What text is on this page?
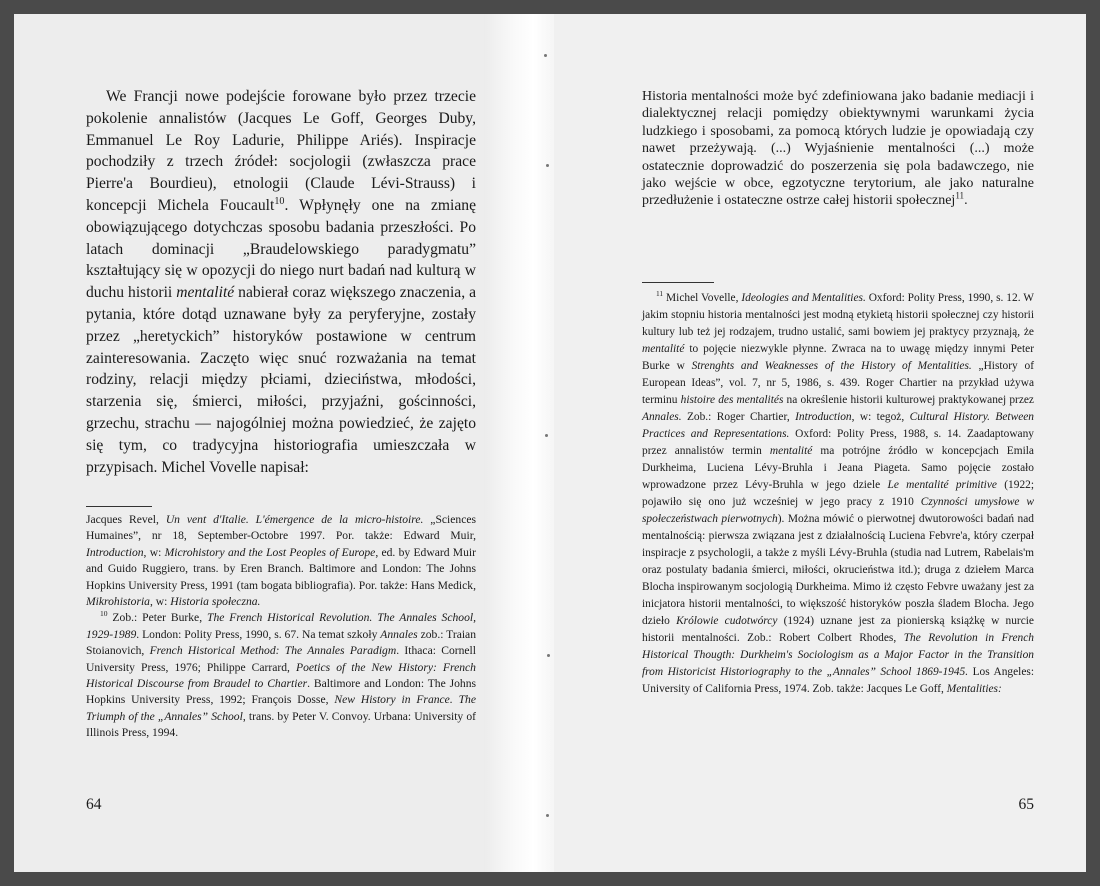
We Francji nowe podejście forowane było przez trzecie pokolenie annalistów (Jacques Le Goff, Georges Duby, Emmanuel Le Roy Ladurie, Philippe Ariés). Inspiracje pochodziły z trzech źródeł: socjologii (zwłaszcza prace Pierre'a Bourdieu), etnologii (Claude Lévi-Strauss) i koncepcji Michela Foucault$^{10}$. Wpłynęły one na zmianę obowiązującego dotychczas sposobu badania przeszłości. Po latach dominacji „Braudelowskiego paradygmatu” kształtujący się w opozycji do niego nurt badań nad kulturą w duchu historii mentalité nabierał coraz większego znaczenia, a pytania, które dotąd uznawane były za peryferyjne, zostały przez „heretyckich” historyków postawione w centrum zainteresowania. Zaczęto więc snuć rozważania na temat rodziny, relacji między płciami, dzieciństwa, młodości, starzenia się, śmierci, miłości, przyjaźni, gościnności, grzechu, strachu — najogólniej można powiedzieć, że zajęto się tym, co tradycyjna historiografia umieszczała w przypisach. Michel Vovelle napisał:

Jacques Revel, Un vent d'Italie. L'émergence de la micro-histoire. „Sciences Humaines”, nr 18, September-Octobre 1997. Por. także: Edward Muir, Introduction, w: Microhistory and the Lost Peoples of Europe, ed. by Edward Muir and Guido Ruggiero, trans. by Eren Branch. Baltimore and London: The Johns Hopkins University Press, 1991 (tam bogata bibliografia). Por. także: Hans Medick, Mikrohistoria, w: Historia społeczna.

$^{10}$ Zob.: Peter Burke, The French Historical Revolution. The Annales School, 1929-1989. London: Polity Press, 1990, s. 67. Na temat szkoły Annales zob.: Traian Stoianovich, French Historical Method: The Annales Paradigm. Ithaca: Cornell University Press, 1976; Philippe Carrard, Poetics of the New History: French Historical Discourse from Braudel to Chartier. Baltimore and London: The Johns Hopkins University Press, 1992; François Dosse, New History in France. The Triumph of the „Annales” School, trans. by Peter V. Convoy. Urbana: University of Illinois Press, 1994.

64

Historia mentalności może być zdefiniowana jako badanie mediacji i dialektycznej relacji pomiędzy obiektywnymi warunkami życia ludzkiego i sposobami, za pomocą których ludzie je opowiadają czy nawet przeżywają. (...) Wyjaśnienie mentalności (...) może ostatecznie doprowadzić do poszerzenia się pola badawczego, nie jako wejście w obce, egzotyczne terytorium, ale jako naturalne przedłużenie i ostateczne ostrze całej historii społecznej$^{11}$.

$^{11}$ Michel Vovelle, Ideologies and Mentalities. Oxford: Polity Press, 1990, s. 12. W jakim stopniu historia mentalności jest modną etykietą historii społecznej czy historii kultury lub też jej rodzajem, trudno ustalić, sami bowiem jej praktycy przyznają, że mentalité to pojęcie niezwykle płynne. Zwraca na to uwagę między innymi Peter Burke w Strenghts and Weaknesses of the History of Mentalities. „History of European Ideas”, vol. 7, nr 5, 1986, s. 439. Roger Chartier na przykład używa terminu histoire des mentalités na określenie historii kulturowej praktykowanej przez Annales. Zob.: Roger Chartier, Introduction, w: tegoż, Cultural History. Between Practices and Representations. Oxford: Polity Press, 1988, s. 14. Zaadaptowany przez annalistów termin mentalité ma potrójne źródło w koncepcjach Emila Durkheima, Luciena Lévy-Bruhla i Jeana Piageta. Samo pojęcie zostało wprowadzone przez Lévy-Bruhla w jego dziele Le mentalité primitive (1922; pojawiło się ono już wcześniej w jego pracy z 1910 Czynności umysłowe w społeczeństwach pierwotnych). Można mówić o pierwotnej dwutorowości badań nad mentalnością: pierwsza związana jest z działalnością Luciena Febvre'a, który czerpał inspiracje z psychologii, a także z myśli Lévy-Bruhla (studia nad Lutrem, Rabelais'm oraz postulaty badania śmierci, miłości, okrucieństwa itd.); druga z dziełem Marca Blocha inspirowanym socjologią Durkheima. Mimo iż często Febvre uważany jest za inicjatora historii mentalności, to większość historyków poszła śladem Blocha. Jego dzieło Królowie cudotwórcy (1924) uznane jest za pionierską książkę w nurcie historii mentalności. Zob.: Robert Colbert Rhodes, The Revolution in French Historical Thougth: Durkheim's Sociologism as a Major Factor in the Transition from Historicist Historiography to the „Annales” School 1869-1945. Los Angeles: University of California Press, 1974. Zob. także: Jacques Le Goff, Mentalities:

65
